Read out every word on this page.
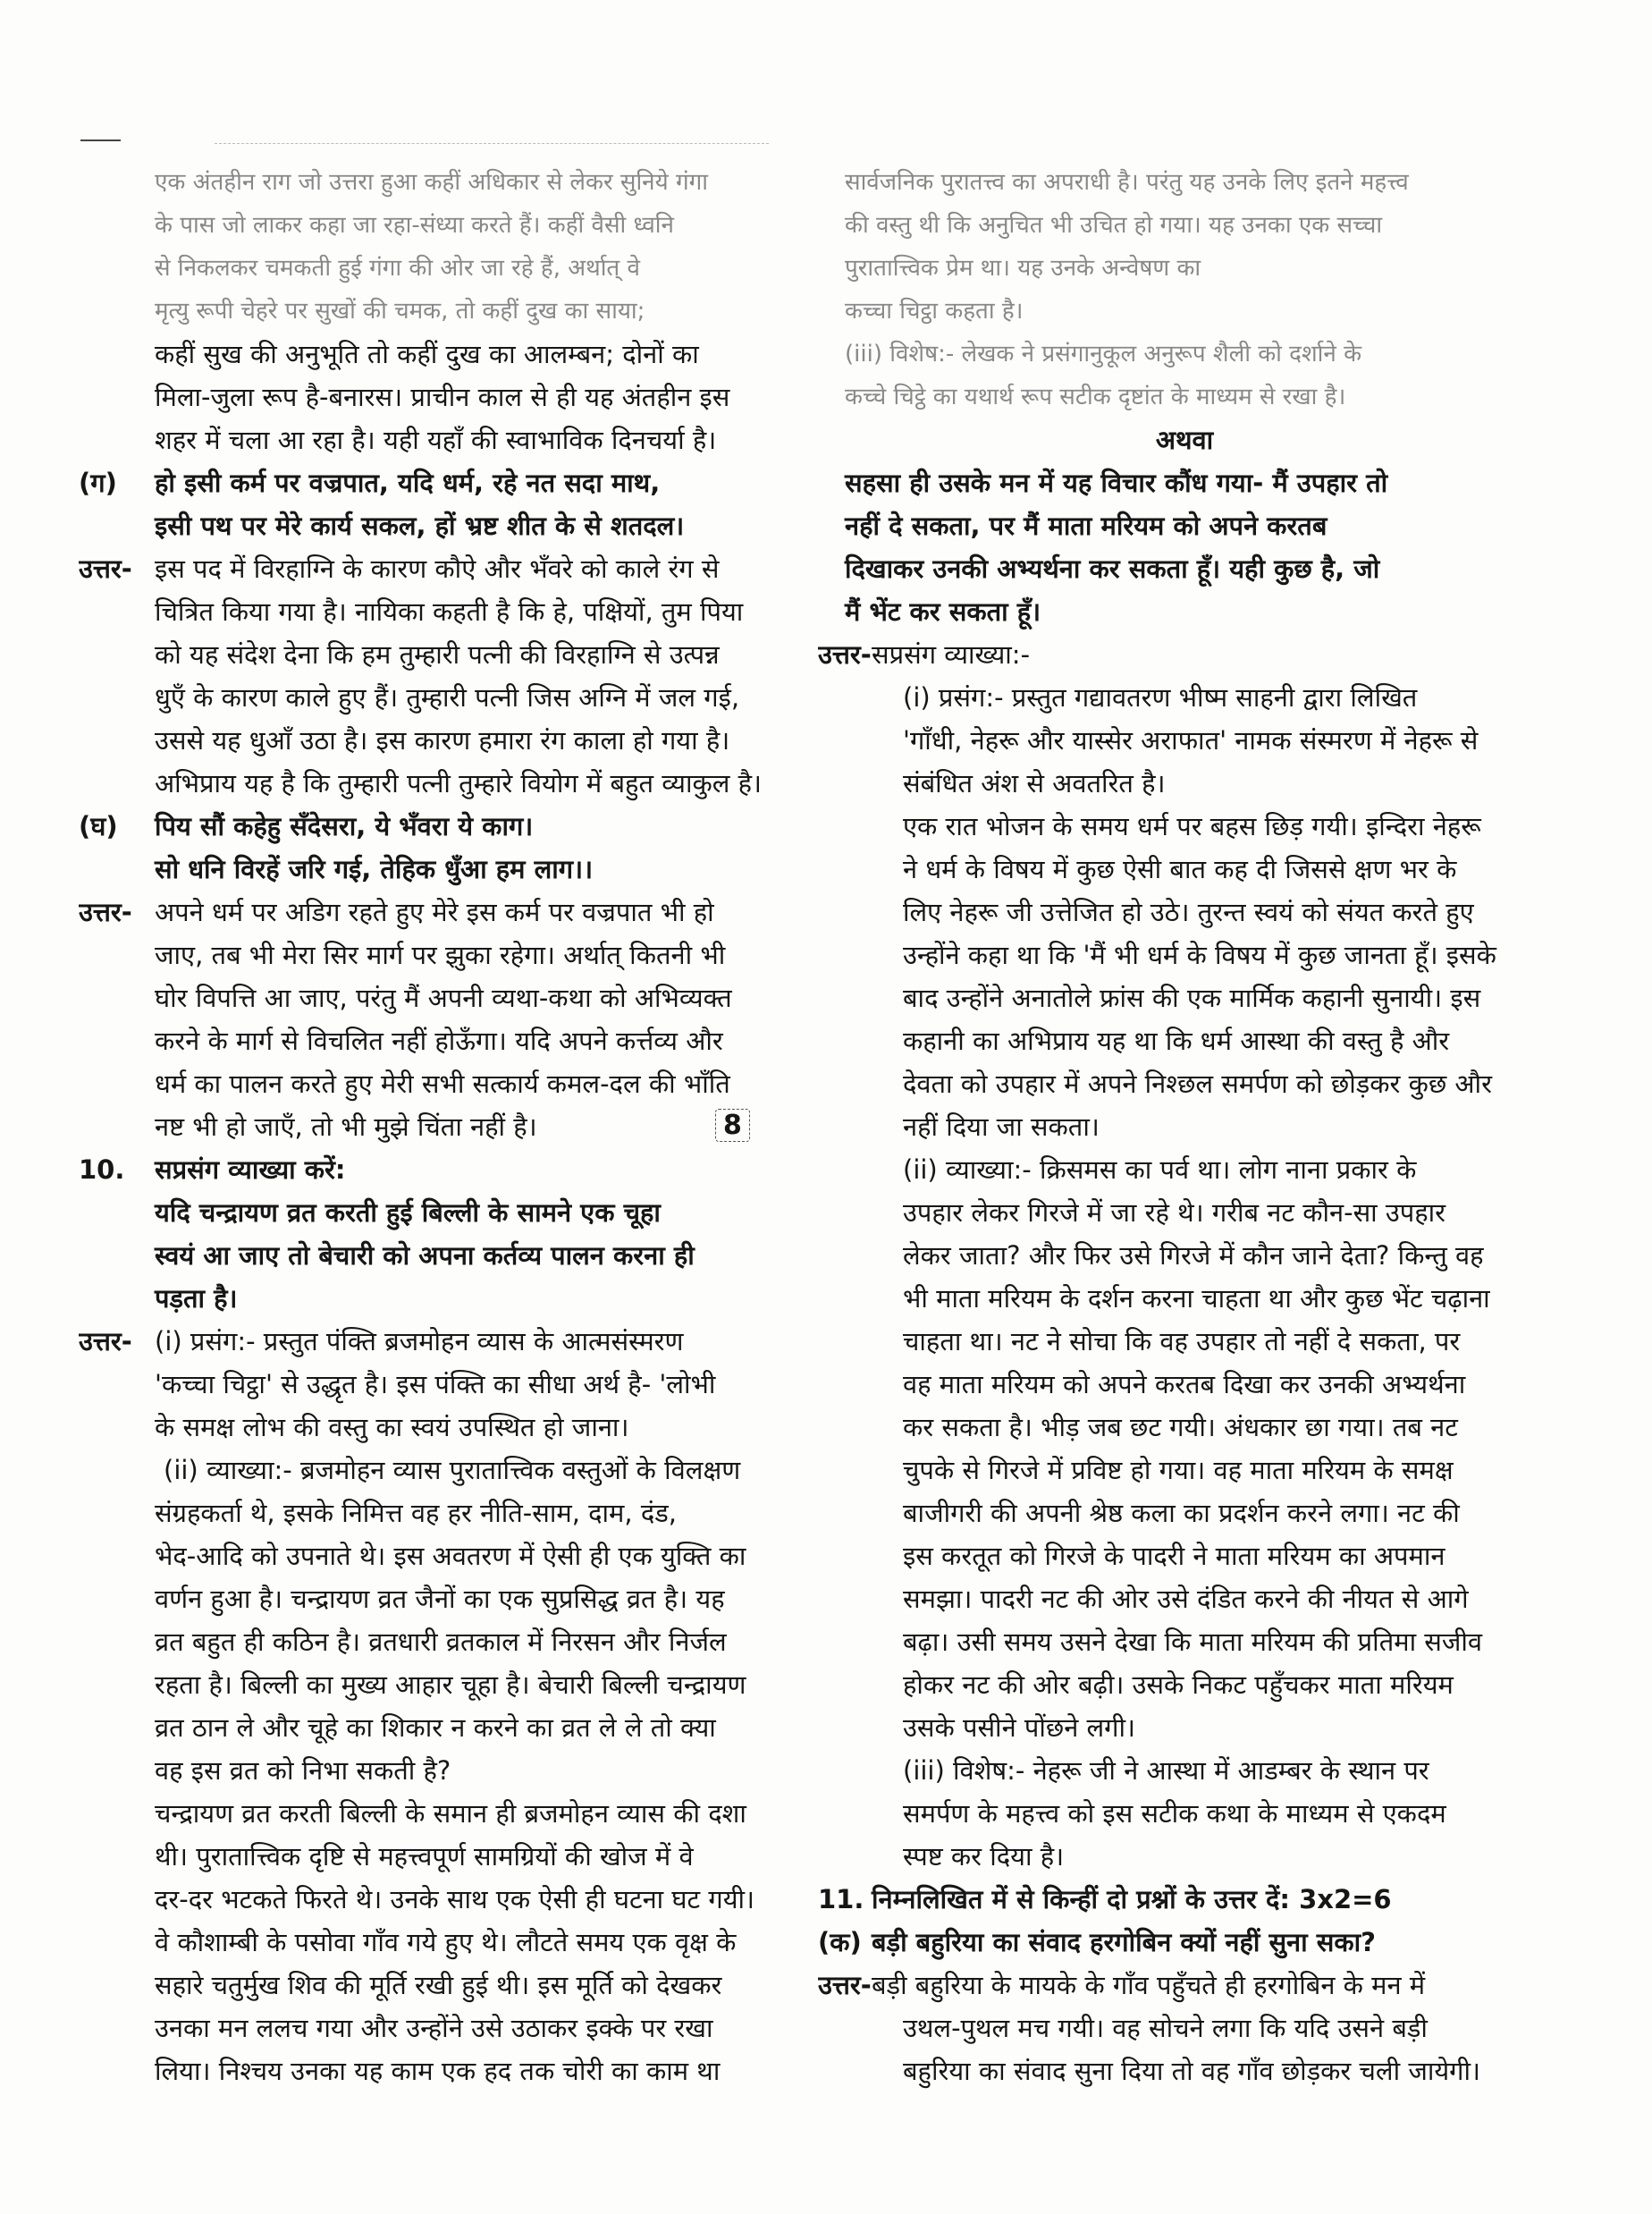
एक अंतहीन राग जो उत्तरा हुआ कहीं अधिकार से लेकर सुनिये गंगा
के पास जो लाकर कहा जा रहा-संध्या करते हैं। कहीं वैसी ध्वनि
से निकलकर चमकती हुई गंगा की ओर जा रहे हैं, अर्थात् वे
मृत्यु रूपी चेहरे पर सुखों की चमक, तो कहीं दुख का साया;
कहीं सुख की अनुभूति तो कहीं दुख का आलम्बन; दोनों का
मिला-जुला रूप है-बनारस। प्राचीन काल से ही यह अंतहीन इस
शहर में चला आ रहा है। यही यहाँ की स्वाभाविक दिनचर्या है।
(ग) हो इसी कर्म पर वज्रपात, यदि धर्म, रहे नत सदा माथ,
इसी पथ पर मेरे कार्य सकल, हों भ्रष्ट शीत के से शतदल।
उत्तर- इस पद में विरहाग्नि के कारण कौऐ और भँवरे को काले रंग से
चित्रित किया गया है। नायिका कहती है कि हे, पक्षियों, तुम पिया
को यह संदेश देना कि हम तुम्हारी पत्नी की विरहाग्नि से उत्पन्न
धुएँ के कारण काले हुए हैं। तुम्हारी पत्नी जिस अग्नि में जल गई,
उससे यह धुआँ उठा है। इस कारण हमारा रंग काला हो गया है।
अभिप्राय यह है कि तुम्हारी पत्नी तुम्हारे वियोग में बहुत व्याकुल है।
(घ) पिय सौं कहेहु सँदेसरा, ये भँवरा ये काग।
सो धनि विरहें जरि गई, तेहिक धुँआ हम लाग।।
उत्तर- अपने धर्म पर अडिग रहते हुए मेरे इस कर्म पर वज्रपात भी हो
जाए, तब भी मेरा सिर मार्ग पर झुका रहेगा। अर्थात् कितनी भी
घोर विपत्ति आ जाए, परंतु मैं अपनी व्यथा-कथा को अभिव्यक्त
करने के मार्ग से विचलित नहीं होऊँगा। यदि अपने कर्त्तव्य और
धर्म का पालन करते हुए मेरी सभी सत्कार्य कमल-दल की भाँति
नष्ट भी हो जाएँ, तो भी मुझे चिंता नहीं है।
10. सप्रसंग व्याख्या करें:
यदि चन्द्रायण व्रत करती हुई बिल्ली के सामने एक चूहा
स्वयं आ जाए तो बेचारी को अपना कर्तव्य पालन करना ही
पड़ता है।
उत्तर- (i) प्रसंग:- प्रस्तुत पंक्ति ब्रजमोहन व्यास के आत्मसंस्मरण
'कच्चा चिट्ठा' से उद्धृत है। इस पंक्ति का सीधा अर्थ है- 'लोभी
के समक्ष लोभ की वस्तु का स्वयं उपस्थित हो जाना।
(ii) व्याख्या:- ब्रजमोहन व्यास पुरातात्त्विक वस्तुओं के विलक्षण
संग्रहकर्ता थे, इसके निमित्त वह हर नीति-साम, दाम, दंड,
भेद-आदि को उपनाते थे। इस अवतरण में ऐसी ही एक युक्ति का
वर्णन हुआ है। चन्द्रायण व्रत जैनों का एक सुप्रसिद्ध व्रत है। यह
व्रत बहुत ही कठिन है। व्रतधारी व्रतकाल में निरसन और निर्जल
रहता है। बिल्ली का मुख्य आहार चूहा है। बेचारी बिल्ली चन्द्रायण
व्रत ठान ले और चूहे का शिकार न करने का व्रत ले ले तो क्या
वह इस व्रत को निभा सकती है?
चन्द्रायण व्रत करती बिल्ली के समान ही ब्रजमोहन व्यास की दशा
थी। पुरातात्त्विक दृष्टि से महत्त्वपूर्ण सामग्रियों की खोज में वे
दर-दर भटकते फिरते थे। उनके साथ एक ऐसी ही घटना घट गयी।
वे कौशाम्बी के पसोवा गाँव गये हुए थे। लौटते समय एक वृक्ष के
सहारे चतुर्मुख शिव की मूर्ति रखी हुई थी। इस मूर्ति को देखकर
उनका मन ललच गया और उन्होंने उसे उठाकर इक्के पर रखा
लिया। निश्चय उनका यह काम एक हद तक चोरी का काम था
सार्वजनिक पुरातत्त्व का अपराधी है। परंतु यह उनके लिए इतने महत्त्व
की वस्तु थी कि अनुचित भी उचित हो गया। यह उनका एक सच्चा
पुरातात्त्विक प्रेम था। यह उनके अन्वेषण का
कच्चा चिट्ठा कहता है।
(iii) विशेष:- लेखक ने प्रसंगानुकूल अनुरूप शैली को दर्शाने के
कच्चे चिट्ठे का यथार्थ रूप सटीक दृष्टांत के माध्यम से रखा है।
अथवा
सहसा ही उसके मन में यह विचार कौंध गया- मैं उपहार तो
नहीं दे सकता, पर मैं माता मरियम को अपने करतब
दिखाकर उनकी अभ्यर्थना कर सकता हूँ। यही कुछ है, जो
मैं भेंट कर सकता हूँ।
उत्तर-सप्रसंग व्याख्या:-
(i) प्रसंग:- प्रस्तुत गद्यावतरण भीष्म साहनी द्वारा लिखित
'गाँधी, नेहरू और यास्सेर अराफात' नामक संस्मरण में नेहरू से
संबंधित अंश से अवतरित है।
एक रात भोजन के समय धर्म पर बहस छिड़ गयी। इन्दिरा नेहरू
ने धर्म के विषय में कुछ ऐसी बात कह दी जिससे क्षण भर के
लिए नेहरू जी उत्तेजित हो उठे। तुरन्त स्वयं को संयत करते हुए
उन्होंने कहा था कि 'मैं भी धर्म के विषय में कुछ जानता हूँ। इसके
बाद उन्होंने अनातोले फ्रांस की एक मार्मिक कहानी सुनायी। इस
कहानी का अभिप्राय यह था कि धर्म आस्था की वस्तु है और
देवता को उपहार में अपने निश्छल समर्पण को छोड़कर कुछ और
नहीं दिया जा सकता।
(ii) व्याख्या:- क्रिसमस का पर्व था। लोग नाना प्रकार के
उपहार लेकर गिरजे में जा रहे थे। गरीब नट कौन-सा उपहार
लेकर जाता? और फिर उसे गिरजे में कौन जाने देता? किन्तु वह
भी माता मरियम के दर्शन करना चाहता था और कुछ भेंट चढ़ाना
चाहता था। नट ने सोचा कि वह उपहार तो नहीं दे सकता, पर
वह माता मरियम को अपने करतब दिखा कर उनकी अभ्यर्थना
कर सकता है। भीड़ जब छट गयी। अंधकार छा गया। तब नट
चुपके से गिरजे में प्रविष्ट हो गया। वह माता मरियम के समक्ष
बाजीगरी की अपनी श्रेष्ठ कला का प्रदर्शन करने लगा। नट की
इस करतूत को गिरजे के पादरी ने माता मरियम का अपमान
समझा। पादरी नट की ओर उसे दंडित करने की नीयत से आगे
बढ़ा। उसी समय उसने देखा कि माता मरियम की प्रतिमा सजीव
होकर नट की ओर बढ़ी। उसके निकट पहुँचकर माता मरियम
उसके पसीने पोंछने लगी।
(iii) विशेष:- नेहरू जी ने आस्था में आडम्बर के स्थान पर
समर्पण के महत्त्व को इस सटीक कथा के माध्यम से एकदम
स्पष्ट कर दिया है।
11. निम्नलिखित में से किन्हीं दो प्रश्नों के उत्तर दें: 3x2=6
(क) बड़ी बहुरिया का संवाद हरगोबिन क्यों नहीं सुना सका?
उत्तर-बड़ी बहुरिया के मायके के गाँव पहुँचते ही हरगोबिन के मन में
उथल-पुथल मच गयी। वह सोचने लगा कि यदि उसने बड़ी
बहुरिया का संवाद सुना दिया तो वह गाँव छोड़कर चली जायेगी।
8
